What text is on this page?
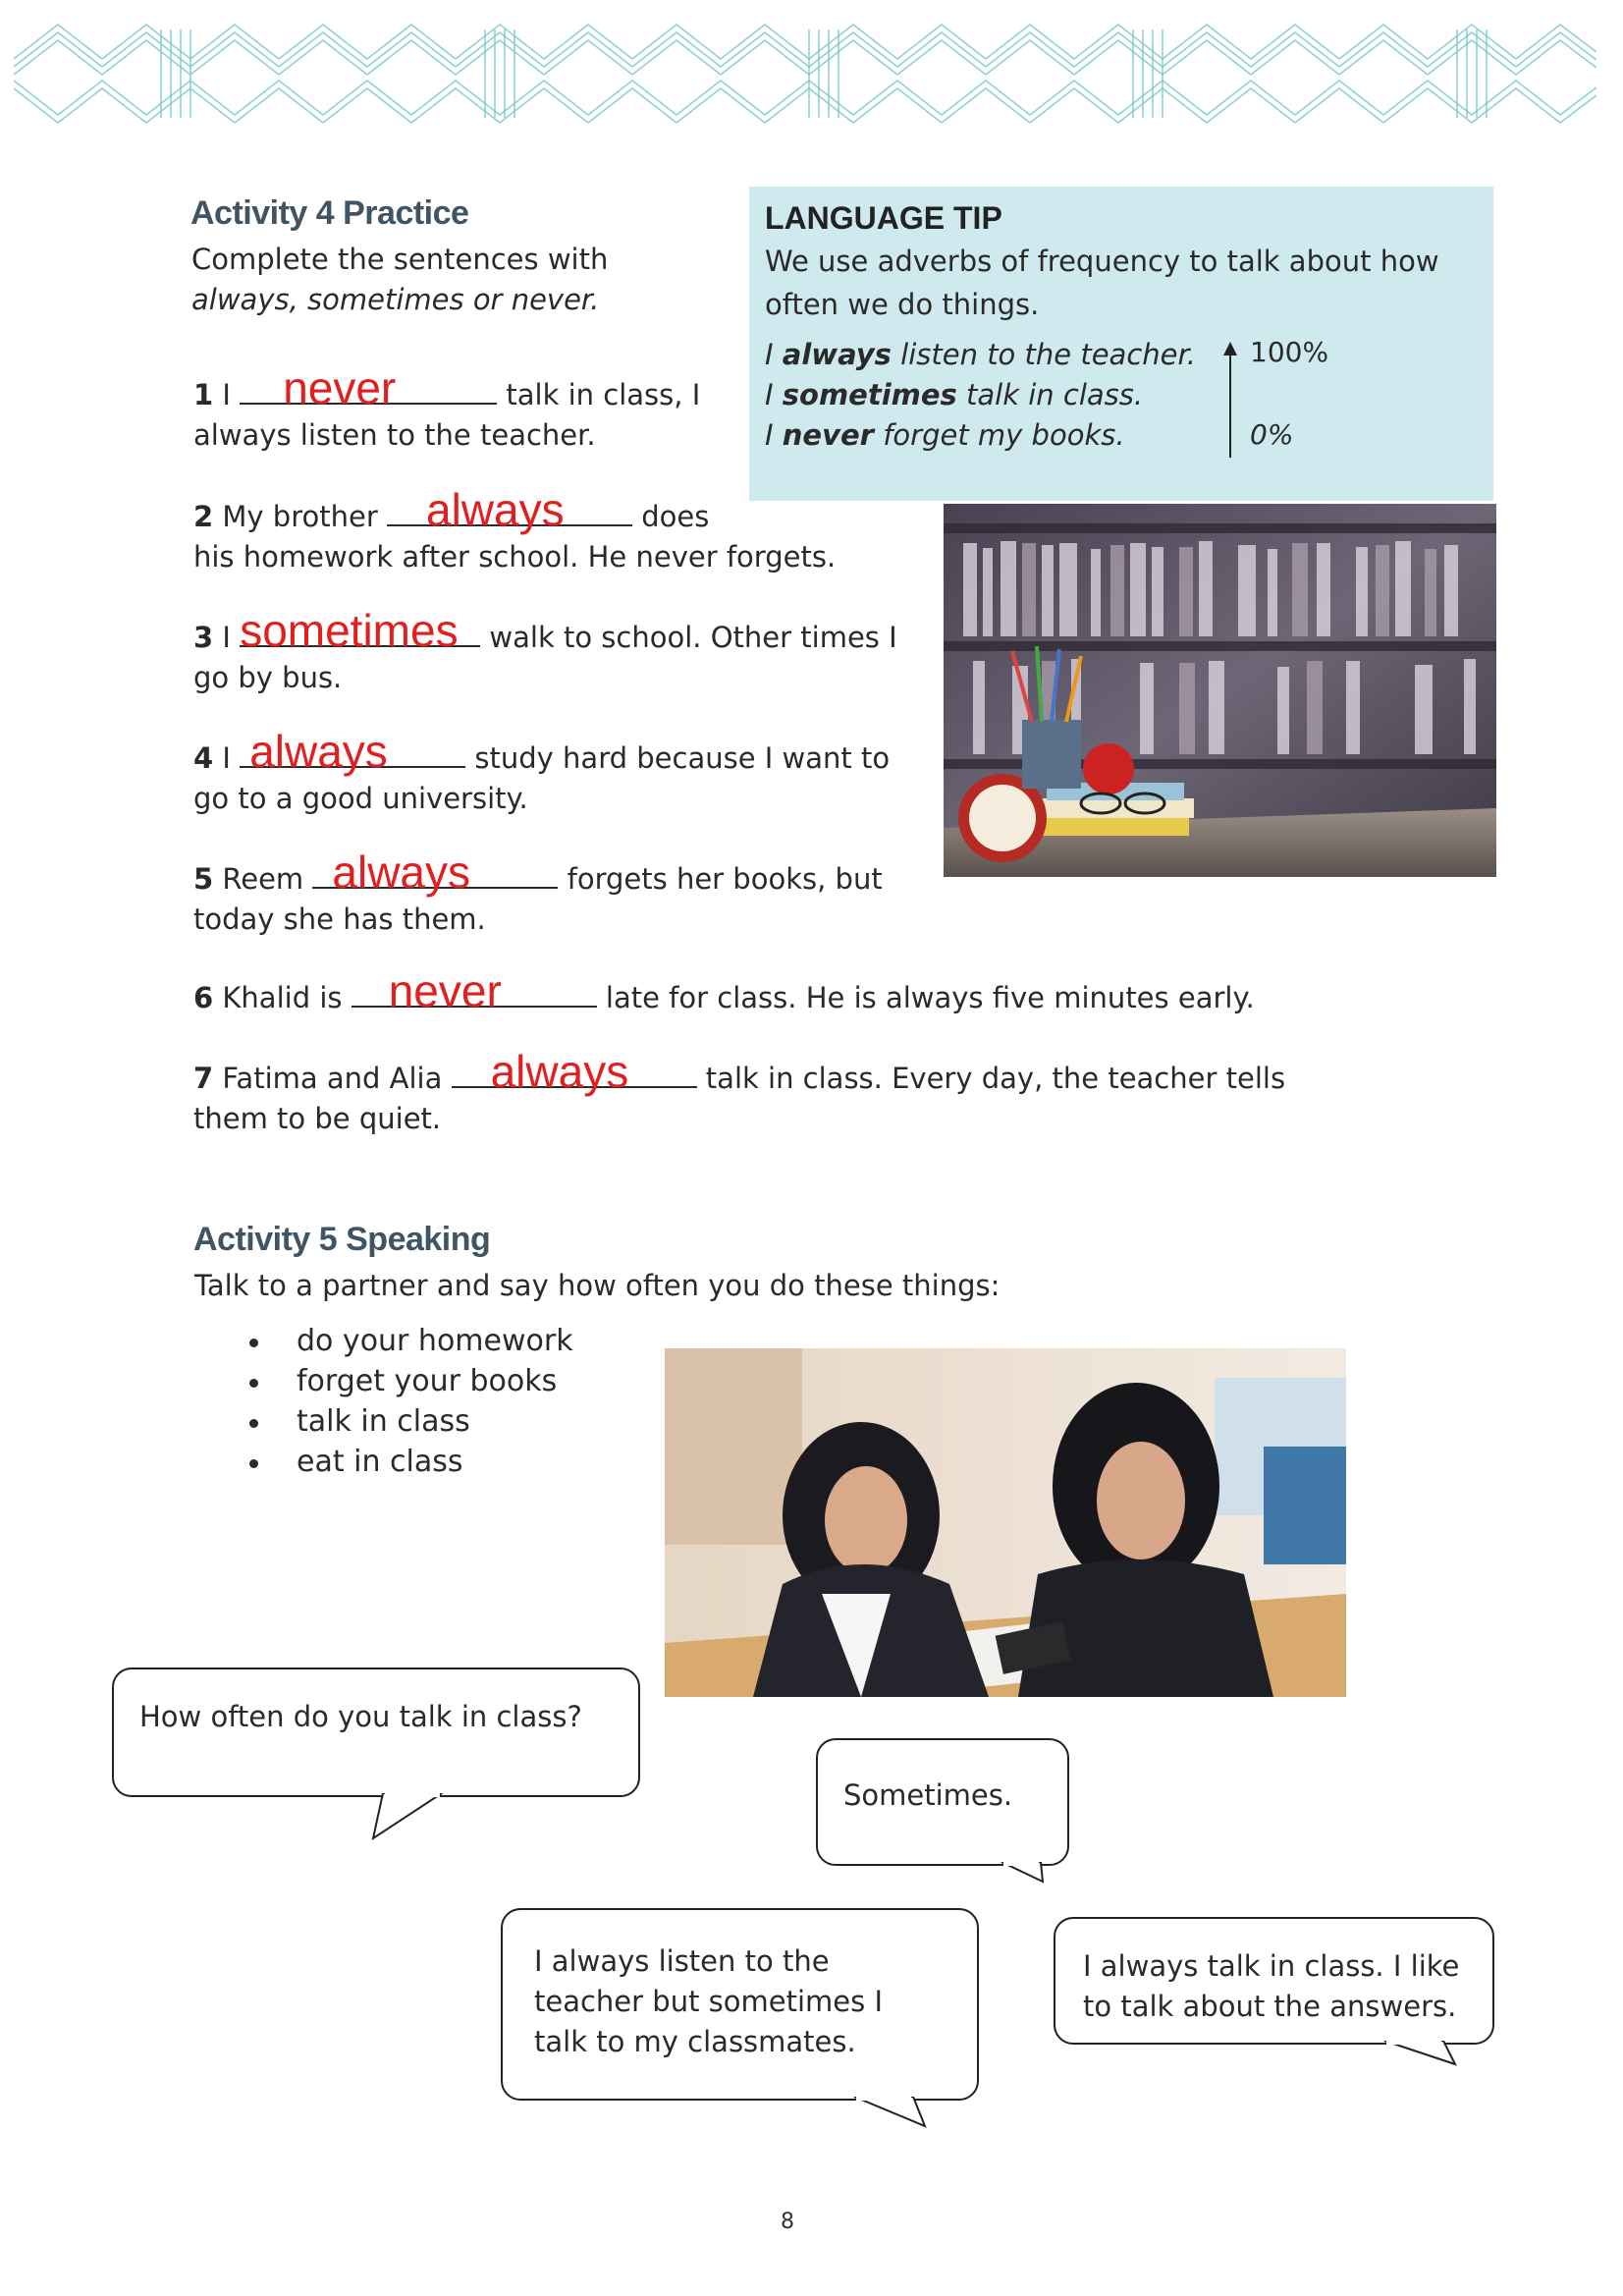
Activity 4 Practice
Complete the sentences with
always, sometimes or never.
LANGUAGE TIP
We use adverbs of frequency to talk about how often we do things.
I always listen to the teacher.
I sometimes talk in class.
I never forget my books.
100%
0%
1 I never	talk in class, I
always listen to the teacher.
2 My brother always does
his homework after school. He never forgets.
3 I sometimes walk to school. Other times I
go by bus.
4 I always	study hard because I want to
go to a good university.
5 Reem always	forgets her books, but
today she has them.
6 Khalid is never	late for class. He is always five minutes early.
7 Fatima and Alia always talk in class. Every day, the teacher tells
them to be quiet.
Activity 5 Speaking
Talk to a partner and say how often you do these things:
do your homework
forget your books
talk in class
eat in class
How often do you talk in class?
Sometimes.
I always listen to the
teacher but sometimes I
talk to my classmates.
I always talk in class. I like
to talk about the answers.
8
